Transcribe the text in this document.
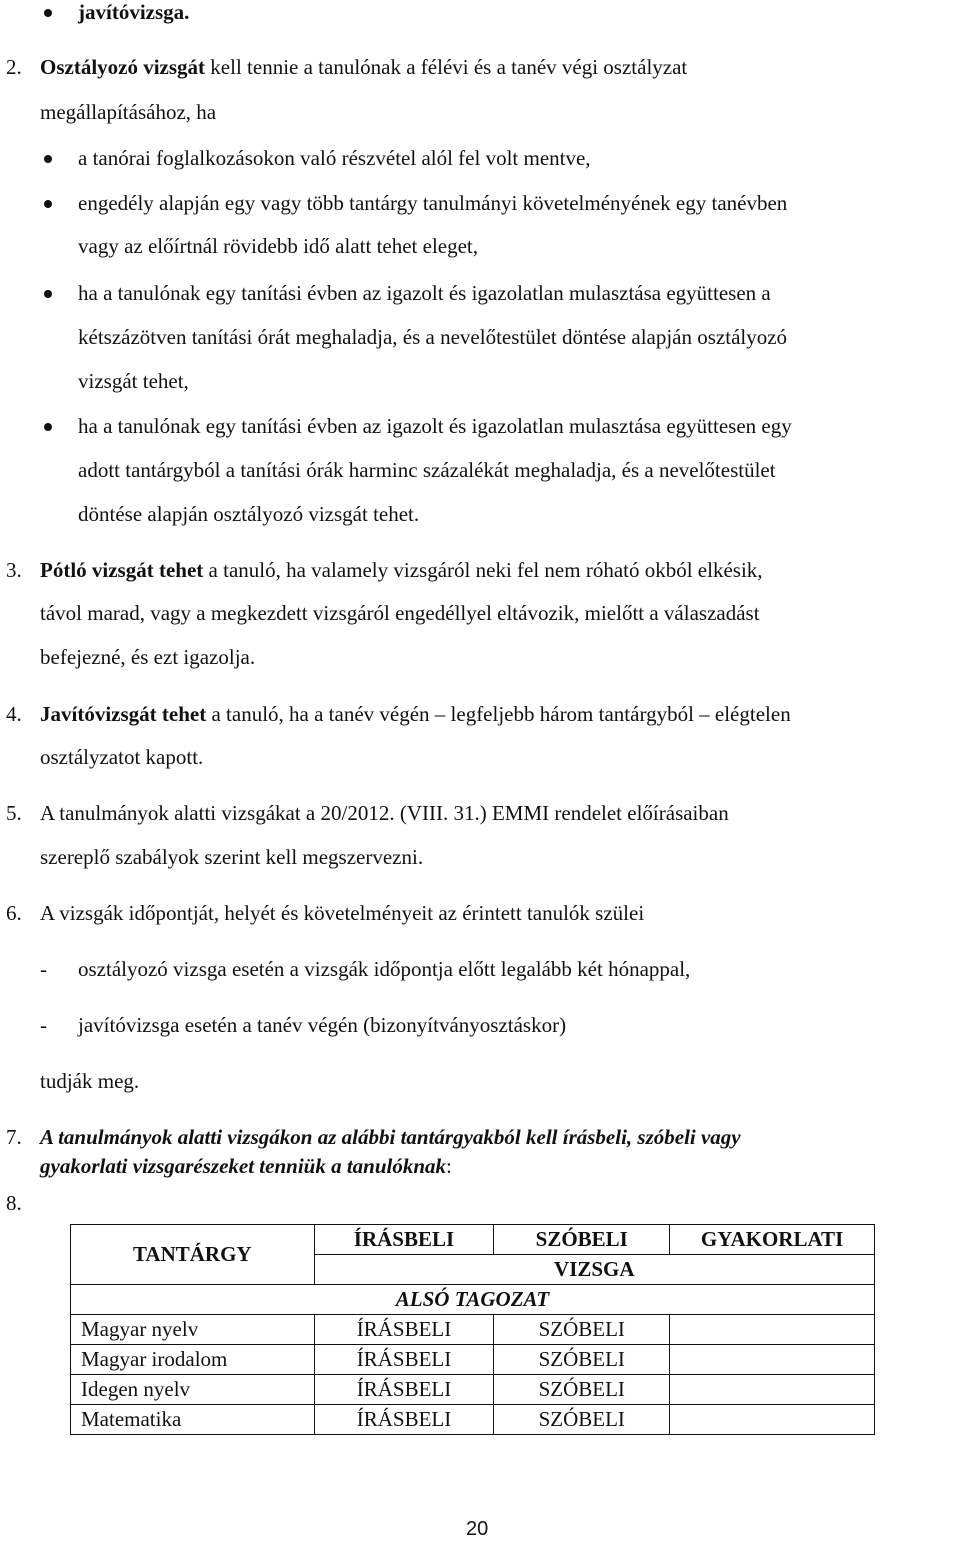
javítóvizsga.
2. Osztályozó vizsgát kell tennie a tanulónak a félévi és a tanév végi osztályzat
megállapításához, ha
a tanórai foglalkozásokon való részvétel alól fel volt mentve,
engedély alapján egy vagy több tantárgy tanulmányi követelményének egy tanévben
vagy az előírtnál rövidebb idő alatt tehet eleget,
ha a tanulónak egy tanítási évben az igazolt és igazolatlan mulasztása együttesen a
kétszázötven tanítási órát meghaladja, és a nevelőtestület döntése alapján osztályozó
vizsgát tehet,
ha a tanulónak egy tanítási évben az igazolt és igazolatlan mulasztása együttesen egy
adott tantárgyból a tanítási órák harminc százalékát meghaladja, és a nevelőtestület
döntése alapján osztályozó vizsgát tehet.
3. Pótló vizsgát tehet a tanuló, ha valamely vizsgáról neki fel nem róható okból elkésik,
távol marad, vagy a megkezdett vizsgáról engedéllyel eltávozik, mielőtt a válaszadást
befejezné, és ezt igazolja.
4. Javítóvizsgát tehet a tanuló, ha a tanév végén – legfeljebb három tantárgyból – elégtelen
osztályzatot kapott.
5. A tanulmányok alatti vizsgákat a 20/2012. (VIII. 31.) EMMI rendelet előírásaiban
szereplő szabályok szerint kell megszervezni.
6. A vizsgák időpontját, helyét és követelményeit az érintett tanulók szülei
- osztályozó vizsga esetén a vizsgák időpontja előtt legalább két hónappal,
- javítóvizsga esetén a tanév végén (bizonyítványosztáskor)
tudják meg.
7. A tanulmányok alatti vizsgákon az alábbi tantárgyakból kell írásbeli, szóbeli vagy
gyakorlati vizsgarészeket tenniük a tanulóknak:
8.
TANTÁRGY	ÍRÁSBELI	SZÓBELI	GYAKORLATI
	VIZSGA		
ALSÓ TAGOZAT			
Magyar nyelv	ÍRÁSBELI	SZÓBELI	
Magyar irodalom	ÍRÁSBELI	SZÓBELI	
Idegen nyelv	ÍRÁSBELI	SZÓBELI	
Matematika	ÍRÁSBELI	SZÓBELI	
20
